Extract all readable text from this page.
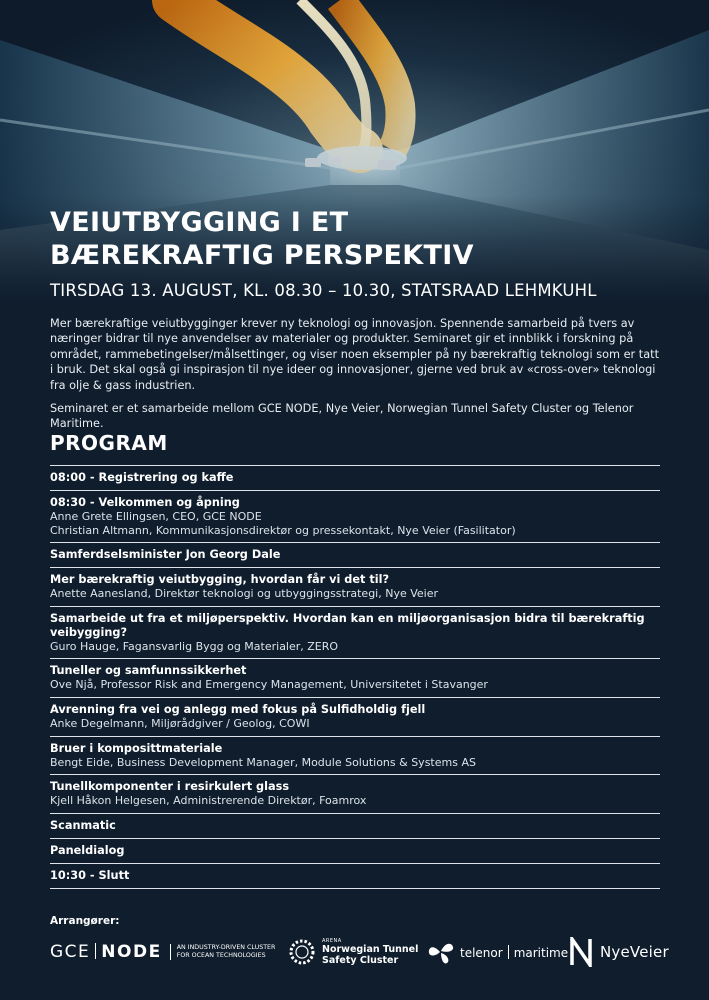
VEIUTBYGGING I ET
BÆREKRAFTIG PERSPEKTIV
TIRSDAG 13. AUGUST, KL. 08.30 – 10.30, STATSRAAD LEHMKUHL

Mer bærekraftige veiutbygginger krever ny teknologi og innovasjon. Spennende samarbeid på tvers av næringer bidrar til nye anvendelser av materialer og produkter. Seminaret gir et innblikk i forskning på området, rammebetingelser/målsettinger, og viser noen eksempler på ny bærekraftig teknologi som er tatt i bruk. Det skal også gi inspirasjon til nye ideer og innovasjoner, gjerne ved bruk av «cross-over» teknologi fra olje & gass industrien.

Seminaret er et samarbeide mellom GCE NODE, Nye Veier, Norwegian Tunnel Safety Cluster og Telenor Maritime.

PROGRAM
08:00 - Registrering og kaffe
08:30 - Velkommen og åpning
Anne Grete Ellingsen, CEO, GCE NODE
Christian Altmann, Kommunikasjonsdirektør og pressekontakt, Nye Veier (Fasilitator)
Samferdselsminister Jon Georg Dale
Mer bærekraftig veiutbygging, hvordan får vi det til?
Anette Aanesland, Direktør teknologi og utbyggingsstrategi, Nye Veier
Samarbeide ut fra et miljøperspektiv. Hvordan kan en miljøorganisasjon bidra til bærekraftig veibygging?
Guro Hauge, Fagansvarlig Bygg og Materialer, ZERO
Tuneller og samfunnssikkerhet
Ove Njå, Professor Risk and Emergency Management, Universitetet i Stavanger
Avrenning fra vei og anlegg med fokus på Sulfidholdig fjell
Anke Degelmann, Miljørådgiver / Geolog, COWI
Bruer i komposittmateriale
Bengt Eide, Business Development Manager, Module Solutions & Systems AS
Tunellkomponenter i resirkulert glass
Kjell Håkon Helgesen, Administrerende Direktør, Foamrox
Scanmatic
Paneldialog
10:30 - Slutt
Arrangører:
GCE NODE	AN INDUSTRY-DRIVEN CLUSTER FOR OCEAN TECHNOLOGIES
ARENA
Norwegian Tunnel
Safety Cluster
telenor maritime NyeVeier
